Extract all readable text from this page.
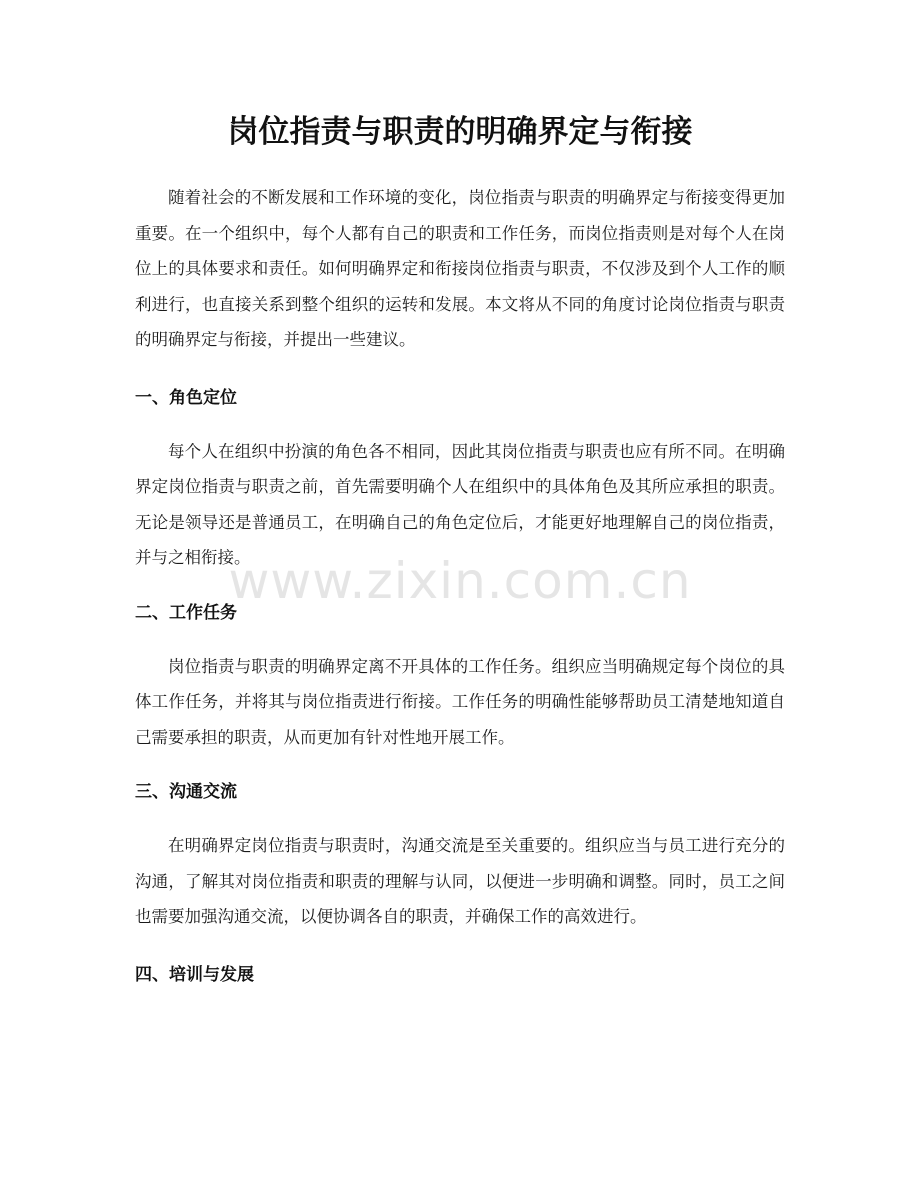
岗位指责与职责的明确界定与衔接

随着社会的不断发展和工作环境的变化，岗位指责与职责的明确界定与衔接变得更加重要。在一个组织中，每个人都有自己的职责和工作任务，而岗位指责则是对每个人在岗位上的具体要求和责任。如何明确界定和衔接岗位指责与职责，不仅涉及到个人工作的顺利进行，也直接关系到整个组织的运转和发展。本文将从不同的角度讨论岗位指责与职责的明确界定与衔接，并提出一些建议。

一、角色定位

每个人在组织中扮演的角色各不相同，因此其岗位指责与职责也应有所不同。在明确界定岗位指责与职责之前，首先需要明确个人在组织中的具体角色及其所应承担的职责。无论是领导还是普通员工，在明确自己的角色定位后，才能更好地理解自己的岗位指责，并与之相衔接。

二、工作任务

岗位指责与职责的明确界定离不开具体的工作任务。组织应当明确规定每个岗位的具体工作任务，并将其与岗位指责进行衔接。工作任务的明确性能够帮助员工清楚地知道自己需要承担的职责，从而更加有针对性地开展工作。

三、沟通交流

在明确界定岗位指责与职责时，沟通交流是至关重要的。组织应当与员工进行充分的沟通，了解其对岗位指责和职责的理解与认同，以便进一步明确和调整。同时，员工之间也需要加强沟通交流，以便协调各自的职责，并确保工作的高效进行。

四、培训与发展
www.zixin.com.cn
